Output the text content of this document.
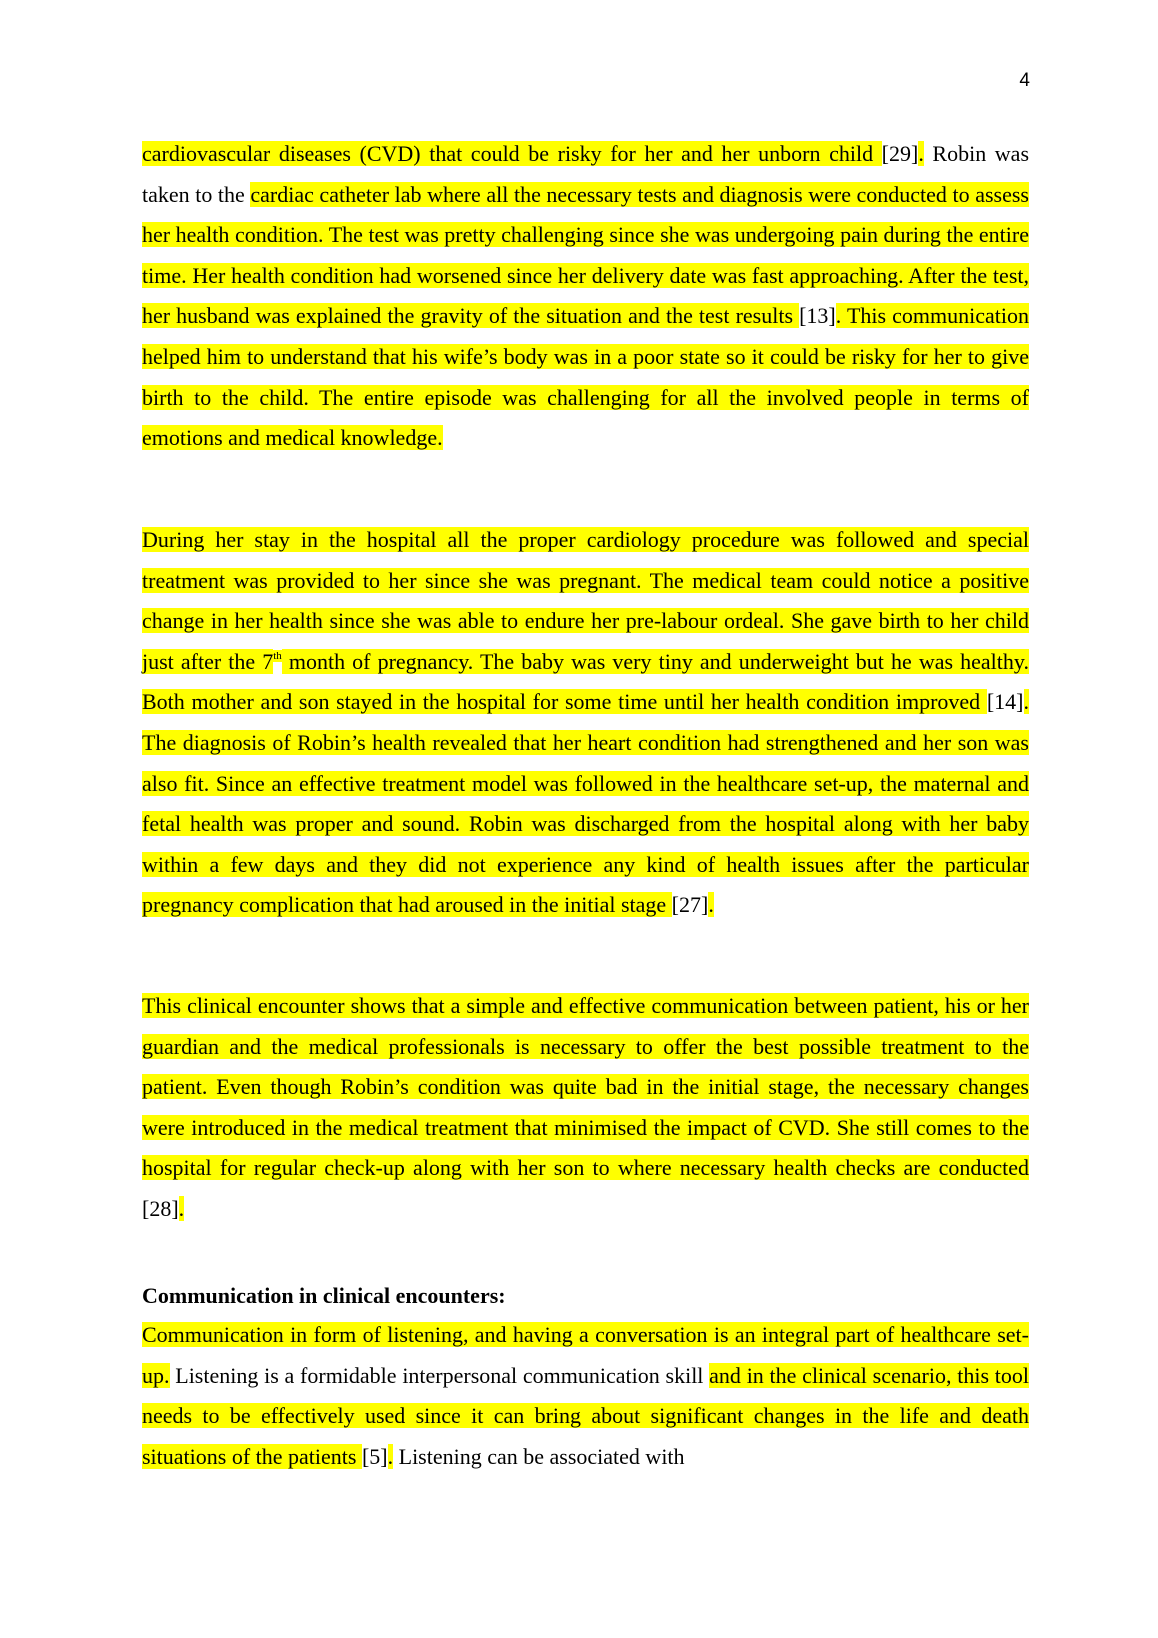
4

cardiovascular diseases (CVD) that could be risky for her and her unborn child [29]. Robin was taken to the cardiac catheter lab where all the necessary tests and diagnosis were conducted to assess her health condition. The test was pretty challenging since she was undergoing pain during the entire time. Her health condition had worsened since her delivery date was fast approaching. After the test, her husband was explained the gravity of the situation and the test results [13]. This communication helped him to understand that his wife’s body was in a poor state so it could be risky for her to give birth to the child. The entire episode was challenging for all the involved people in terms of emotions and medical knowledge.

During her stay in the hospital all the proper cardiology procedure was followed and special treatment was provided to her since she was pregnant. The medical team could notice a positive change in her health since she was able to endure her pre-labour ordeal. She gave birth to her child just after the 7th month of pregnancy. The baby was very tiny and underweight but he was healthy. Both mother and son stayed in the hospital for some time until her health condition improved [14]. The diagnosis of Robin’s health revealed that her heart condition had strengthened and her son was also fit. Since an effective treatment model was followed in the healthcare set-up, the maternal and fetal health was proper and sound. Robin was discharged from the hospital along with her baby within a few days and they did not experience any kind of health issues after the particular pregnancy complication that had aroused in the initial stage [27].

This clinical encounter shows that a simple and effective communication between patient, his or her guardian and the medical professionals is necessary to offer the best possible treatment to the patient. Even though Robin’s condition was quite bad in the initial stage, the necessary changes were introduced in the medical treatment that minimised the impact of CVD. She still comes to the hospital for regular check-up along with her son to where necessary health checks are conducted [28].

Communication in clinical encounters:

Communication in form of listening, and having a conversation is an integral part of healthcare set-up. Listening is a formidable interpersonal communication skill and in the clinical scenario, this tool needs to be effectively used since it can bring about significant changes in the life and death situations of the patients [5]. Listening can be associated with
